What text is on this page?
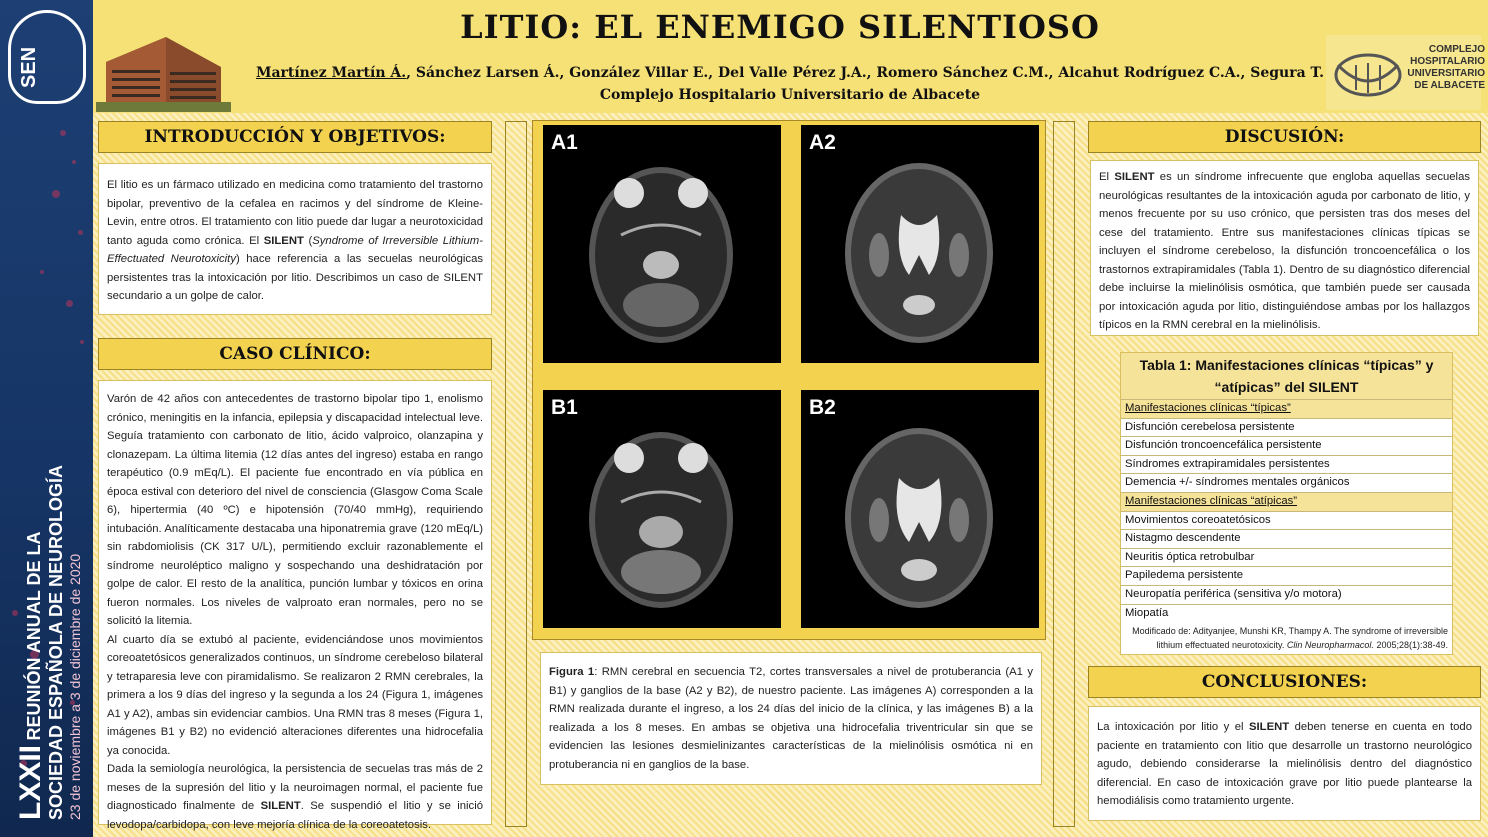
SEN
LXXII REUNIÓN ANUAL DE LA SOCIEDAD ESPAÑOLA DE NEUROLOGÍA 23 de noviembre a 3 de diciembre de 2020
LITIO: EL ENEMIGO SILENTIOSO
Martínez Martín Á., Sánchez Larsen Á., González Villar E., Del Valle Pérez J.A., Romero Sánchez C.M., Alcahut Rodríguez C.A., Segura T.
Complejo Hospitalario Universitario de Albacete
COMPLEJO
HOSPITALARIO
UNIVERSITARIO
DE ALBACETE
INTRODUCCIÓN Y OBJETIVOS:

El litio es un fármaco utilizado en medicina como tratamiento del trastorno bipolar, preventivo de la cefalea en racimos y del síndrome de Kleine-Levin, entre otros. El tratamiento con litio puede dar lugar a neurotoxicidad tanto aguda como crónica. El SILENT (Syndrome of Irreversible Lithium-Effectuated Neurotoxicity) hace referencia a las secuelas neurológicas persistentes tras la intoxicación por litio. Describimos un caso de SILENT secundario a un golpe de calor.

CASO CLÍNICO:

Varón de 42 años con antecedentes de trastorno bipolar tipo 1, enolismo crónico, meningitis en la infancia, epilepsia y discapacidad intelectual leve. Seguía tratamiento con carbonato de litio, ácido valproico, olanzapina y clonazepam. La última litemia (12 días antes del ingreso) estaba en rango terapéutico (0.9 mEq/L). El paciente fue encontrado en vía pública en época estival con deterioro del nivel de consciencia (Glasgow Coma Scale 6), hipertermia (40 ºC) e hipotensión (70/40 mmHg), requiriendo intubación. Analíticamente destacaba una hiponatremia grave (120 mEq/L) sin rabdomiolisis (CK 317 U/L), permitiendo excluir razonablemente el síndrome neuroléptico maligno y sospechando una deshidratación por golpe de calor. El resto de la analítica, punción lumbar y tóxicos en orina fueron normales. Los niveles de valproato eran normales, pero no se solicitó la litemia.

Al cuarto día se extubó al paciente, evidenciándose unos movimientos coreoatetósicos generalizados continuos, un síndrome cerebeloso bilateral y tetraparesia leve con piramidalismo. Se realizaron 2 RMN cerebrales, la primera a los 9 días del ingreso y la segunda a los 24 (Figura 1, imágenes A1 y A2), ambas sin evidenciar cambios. Una RMN tras 8 meses (Figura 1, imágenes B1 y B2) no evidenció alteraciones diferentes una hidrocefalia ya conocida.

Dada la semiología neurológica, la persistencia de secuelas tras más de 2 meses de la supresión del litio y la neuroimagen normal, el paciente fue diagnosticado finalmente de SILENT. Se suspendió el litio y se inició levodopa/carbidopa, con leve mejoría clínica de la coreoatetosis.

A1	A2
B1	B2
Figura 1: RMN cerebral en secuencia T2, cortes transversales a nivel de protuberancia (A1 y B1) y ganglios de la base (A2 y B2), de nuestro paciente. Las imágenes A) corresponden a la RMN realizada durante el ingreso, a los 24 días del inicio de la clínica, y las imágenes B) a la realizada a los 8 meses. En ambas se objetiva una hidrocefalia triventricular sin que se evidencien las lesiones desmielinizantes características de la mielinólisis osmótica ni en protuberancia ni en ganglios de la base.
DISCUSIÓN:

El SILENT es un síndrome infrecuente que engloba aquellas secuelas neurológicas resultantes de la intoxicación aguda por carbonato de litio, y menos frecuente por su uso crónico, que persisten tras dos meses del cese del tratamiento. Entre sus manifestaciones clínicas típicas se incluyen el síndrome cerebeloso, la disfunción troncoencefálica o los trastornos extrapiramidales (Tabla 1). Dentro de su diagnóstico diferencial debe incluirse la mielinólisis osmótica, que también puede ser causada por intoxicación aguda por litio, distinguiéndose ambas por los hallazgos típicos en la RMN cerebral en la mielinólisis.

Tabla 1: Manifestaciones clínicas “típicas” y “atípicas” del SILENT
Manifestaciones clínicas “típicas”
Disfunción cerebelosa persistente
Disfunción troncoencefálica persistente
Síndromes extrapiramidales persistentes
Demencia +/- síndromes mentales orgánicos
Manifestaciones clínicas “atípicas”
Movimientos coreoatetósicos
Nistagmo descendente
Neuritis óptica retrobulbar
Papiledema persistente
Neuropatía periférica (sensitiva y/o motora)
Miopatía
Modificado de: Adityanjee, Munshi KR, Thampy A. The syndrome of irreversible
lithium effectuated neurotoxicity. Clin Neuropharmacol. 2005;28(1):38-49.
CONCLUSIONES:

La intoxicación por litio y el SILENT deben tenerse en cuenta en todo paciente en tratamiento con litio que desarrolle un trastorno neurológico agudo, debiendo considerarse la mielinólisis dentro del diagnóstico diferencial. En caso de intoxicación grave por litio puede plantearse la hemodiálisis como tratamiento urgente.
